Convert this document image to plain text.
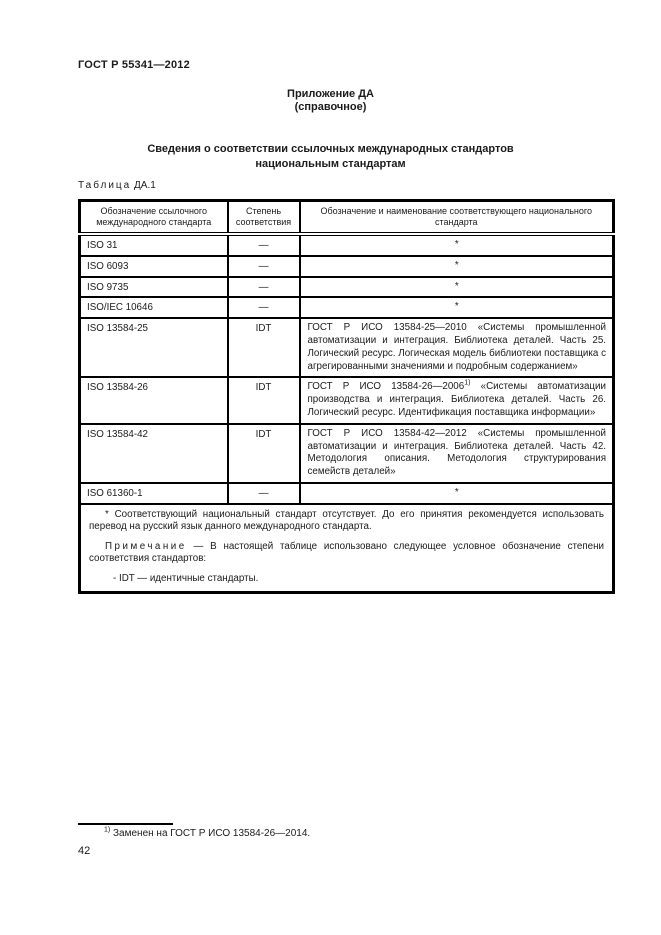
ГОСТ Р 55341—2012
Приложение ДА
(справочное)
Сведения о соответствии ссылочных международных стандартов
национальным стандартам
Таблица ДА.1
Обозначение ссылочного международного стандарта	Степень соответствия	Обозначение и наименование соответствующего национального стандарта
ISO 31	—	*
ISO 6093	—	*
ISO 9735	—	*
ISO/IEC 10646	—	*
ISO 13584-25	IDT	ГОСТ Р ИСО 13584-25—2010 «Системы промышленной автоматизации и интеграция. Библиотека деталей. Часть 25. Логический ресурс. Логическая модель библиотеки поставщика с агрегированными значениями и подробным содержанием»
ISO 13584-26	IDT	ГОСТ Р ИСО 13584-26—2006$^{1)}$ «Системы автоматизации производства и интеграция. Библиотека деталей. Часть 26. Логический ресурс. Идентификация поставщика информации»
ISO 13584-42	IDT	ГОСТ Р ИСО 13584-42—2012 «Системы промышленной автоматизации и интеграция. Библиотека деталей. Часть 42. Методология описания. Методология структурирования семейств деталей»
ISO 61360-1	—	*

* Соответствующий национальный стандарт отсутствует. До его принятия рекомендуется использовать перевод на русский язык данного международного стандарта.

Примечание — В настоящей таблице использовано следующее условное обозначение степени соответствия стандартов:

- IDT — идентичные стандарты.		

$^{1)}$ Заменен на ГОСТ Р ИСО 13584-26—2014.
42
